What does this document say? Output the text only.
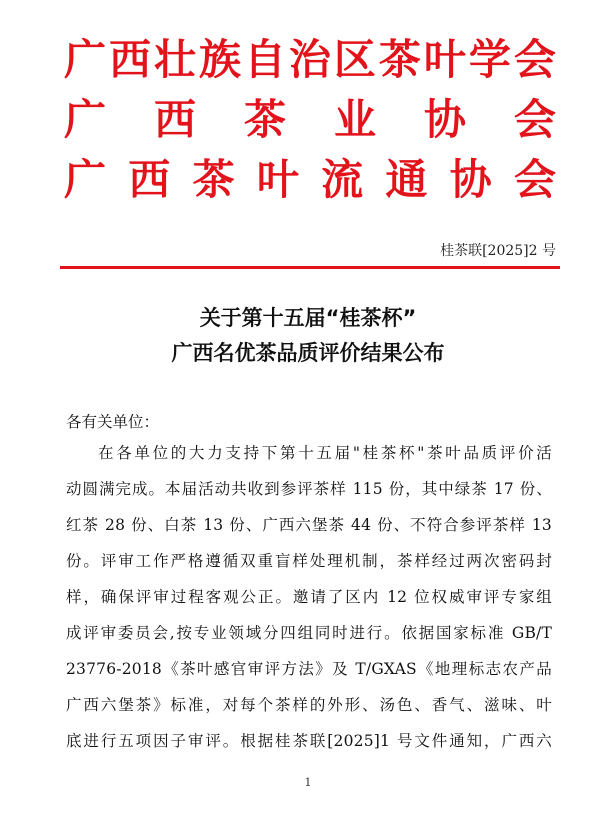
广 西 壮 族 自 治 区 茶 叶 学 会
广 西 茶 业 协 会
广 西 茶 叶 流 通 协 会
桂茶联[2025]2 号
关于第十五届“桂茶杯”
广西名优茶品质评价结果公布
各有关单位：
在各单位的大力支持下第十五届"桂茶杯"茶叶品质评价活
动圆满完成。本届活动共收到参评茶样 115 份，其中绿茶 17 份、
红茶 28 份、白茶 13 份、广西六堡茶 44 份、不符合参评茶样 13
份。评审工作严格遵循双重盲样处理机制，茶样经过两次密码封
样，确保评审过程客观公正。邀请了区内 12 位权威审评专家组
成评审委员会,按专业领域分四组同时进行。依据国家标准 GB/T
23776-2018《茶叶感官审评方法》及 T/GXAS《地理标志农产品
广西六堡茶》标准，对每个茶样的外形、汤色、香气、滋味、叶
底进行五项因子审评。根据桂茶联[2025]1 号文件通知，广西六
1
